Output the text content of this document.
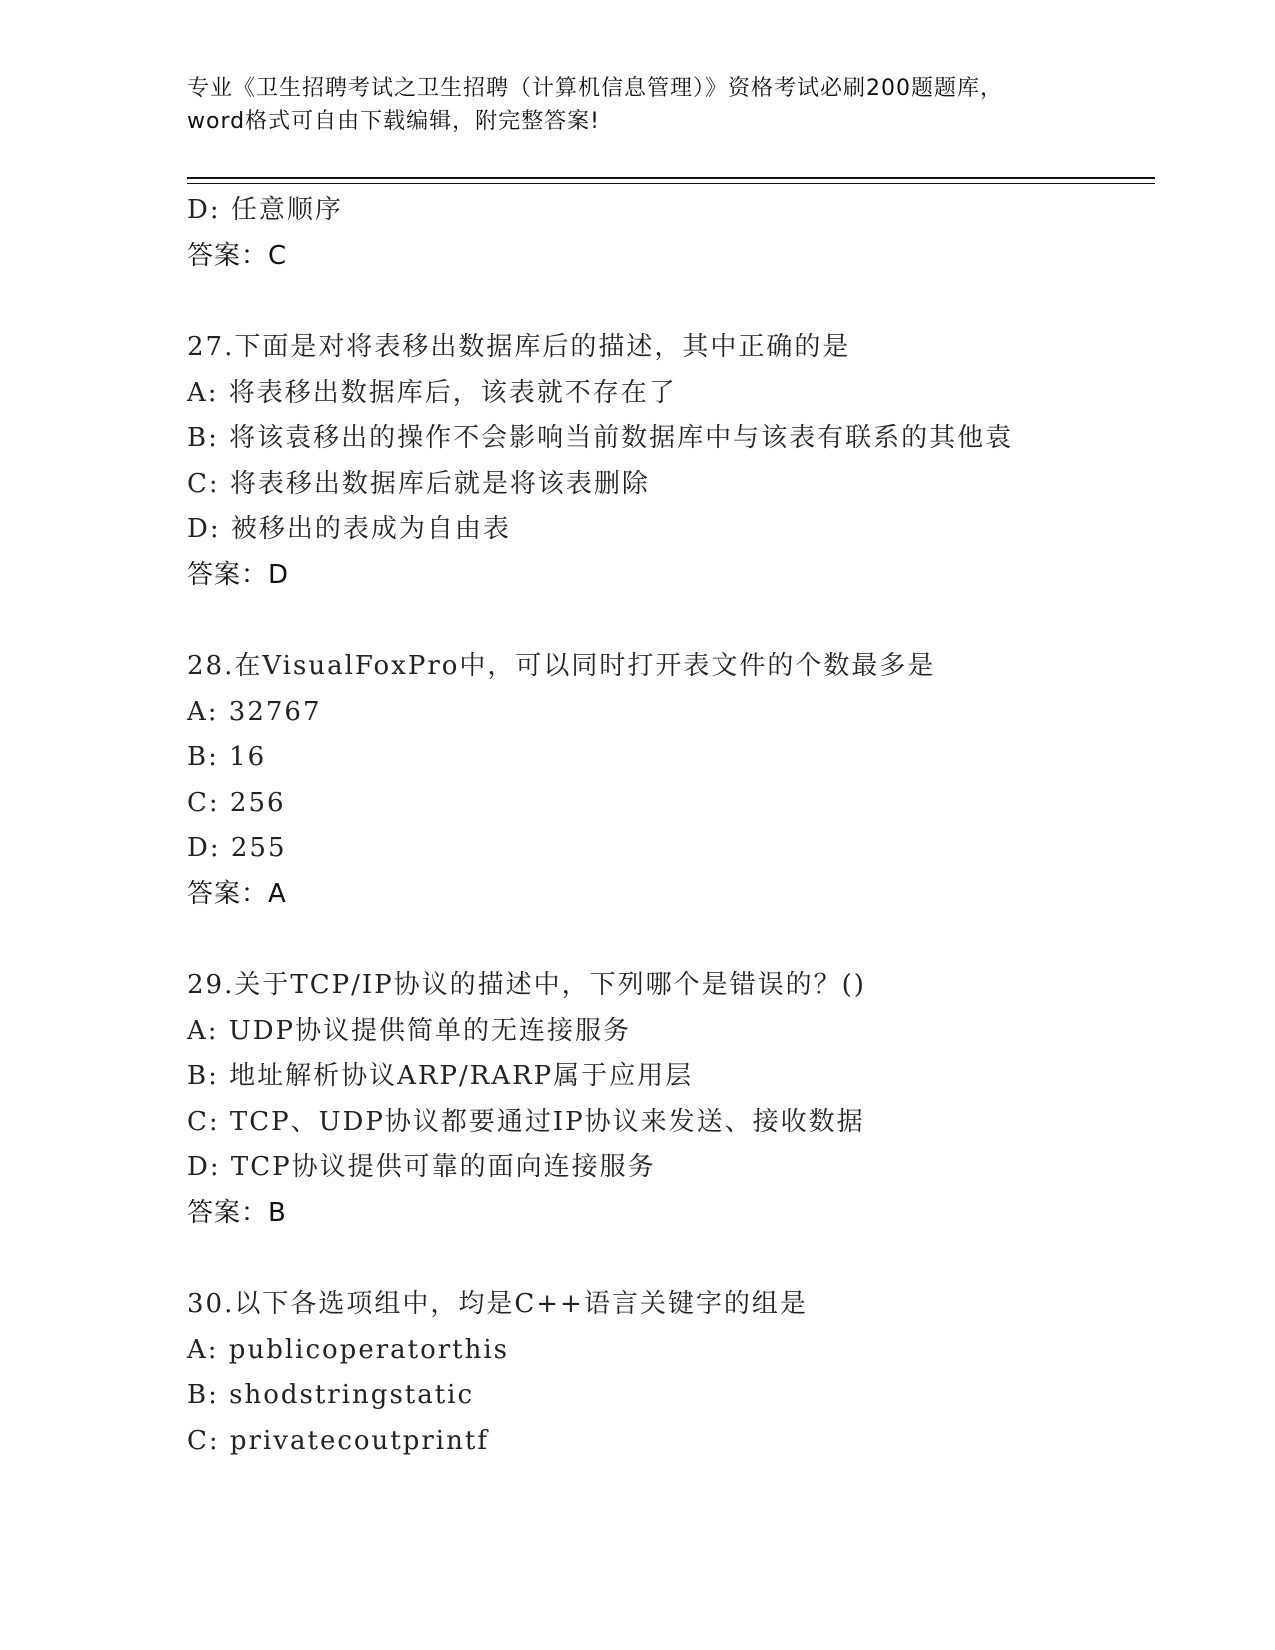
专业《卫生招聘考试之卫生招聘（计算机信息管理）》资格考试必刷200题题库，
word格式可自由下载编辑，附完整答案!
D: 任意顺序
答案：C
27.下面是对将表移出数据库后的描述，其中正确的是
A: 将表移出数据库后，该表就不存在了
B: 将该袁移出的操作不会影响当前数据库中与该表有联系的其他袁
C: 将表移出数据库后就是将该表删除
D: 被移出的表成为自由表
答案：D
28.在VisualFoxPro中，可以同时打开表文件的个数最多是
A: 32767
B: 16
C: 256
D: 255
答案：A
29.关于TCP/IP协议的描述中，下列哪个是错误的？()
A: UDP协议提供简单的无连接服务
B: 地址解析协议ARP/RARP属于应用层
C: TCP、UDP协议都要通过IP协议来发送、接收数据
D: TCP协议提供可靠的面向连接服务
答案：B
30.以下各选项组中，均是C++语言关键字的组是
A: publicoperatorthis
B: shodstringstatic
C: privatecoutprintf
